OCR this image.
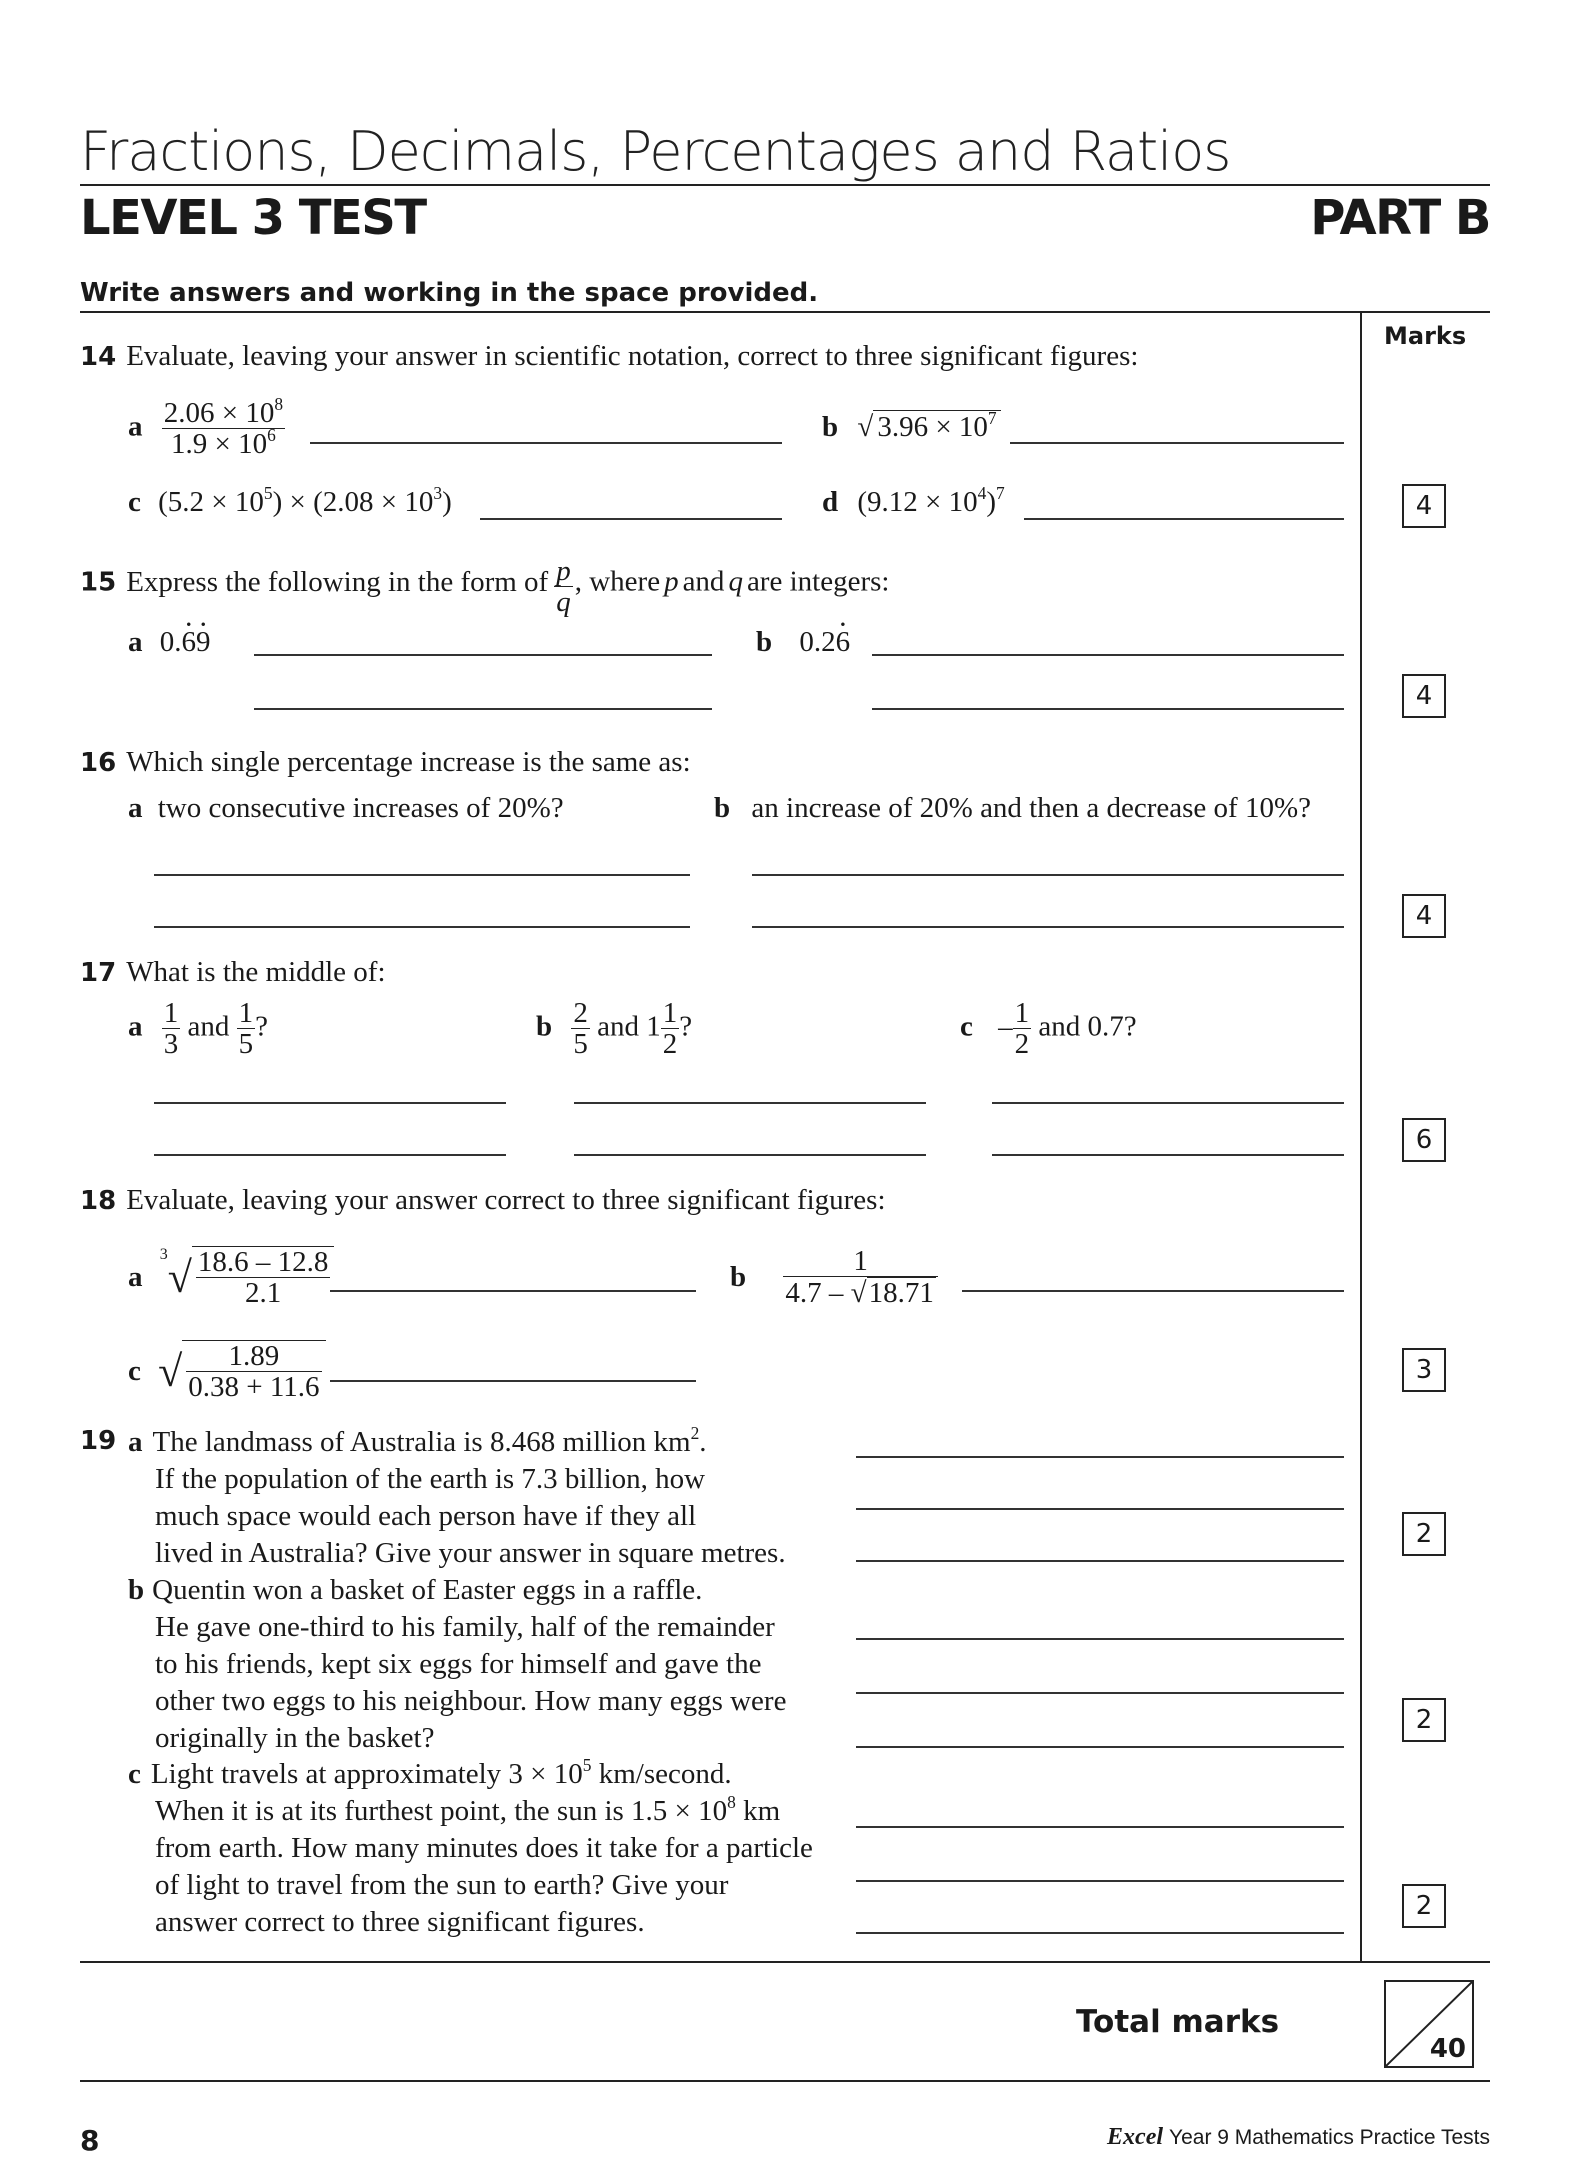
Fractions, Decimals, Percentages and Ratios
LEVEL 3 TEST	PART B
Write answers and working in the space provided.
Marks
14 Evaluate, leaving your answer in scientific notation, correct to three significant figures:
a $\frac{2.06 \times 10^8}{1.9 \times 10^6}$	b √ $3.96 \times 10^7$
c $(5.2 \times 10^5) \times (2.08 \times 10^3)$	d $(9.12 \times 10^4)^7$	4
15 Express the following in the form of $\frac{p}{q}$ , where p and q are integers:
a 0.6 ·9 ·	b 0.26 ·
4
16 Which single percentage increase is the same as:
a two consecutive increases of 20%?	b an increase of 20% and then a decrease of 10%?
4
17 What is the middle of:
a $\frac{1}{3}$ and $\frac{1}{5}$ ?	b $\frac{2}{5}$ and $1 \frac{1}{2}$ ?	c – $\frac{1}{2}$ and 0.7?
6
18 Evaluate, leaving your answer correct to three significant figures:
a $^3√ \frac{18.6 - 12.8}{2.1}$	b $\frac{1}{4.7 - √18.71}$
c √ $\frac{1.89}{0.38 + 11.6}$	3
19 a The landmass of Australia is 8.468 million $km^2$.
If the population of the earth is 7.3 billion, how
much space would each person have if they all
lived in Australia? Give your answer in square metres.
b Quentin won a basket of Easter eggs in a raffle.
He gave one-third to his family, half of the remainder
to his friends, kept six eggs for himself and gave the
other two eggs to his neighbour. How many eggs were
originally in the basket?
c Light travels at approximately $3 \times 10^5$ km/second.
When it is at its furthest point, the sun is $1.5 \times 10^8$ km
from earth. How many minutes does it take for a particle
of light to travel from the sun to earth? Give your
answer correct to three significant figures.
2
2
2
Total marks
40
8	Excel Year 9 Mathematics Practice Tests
